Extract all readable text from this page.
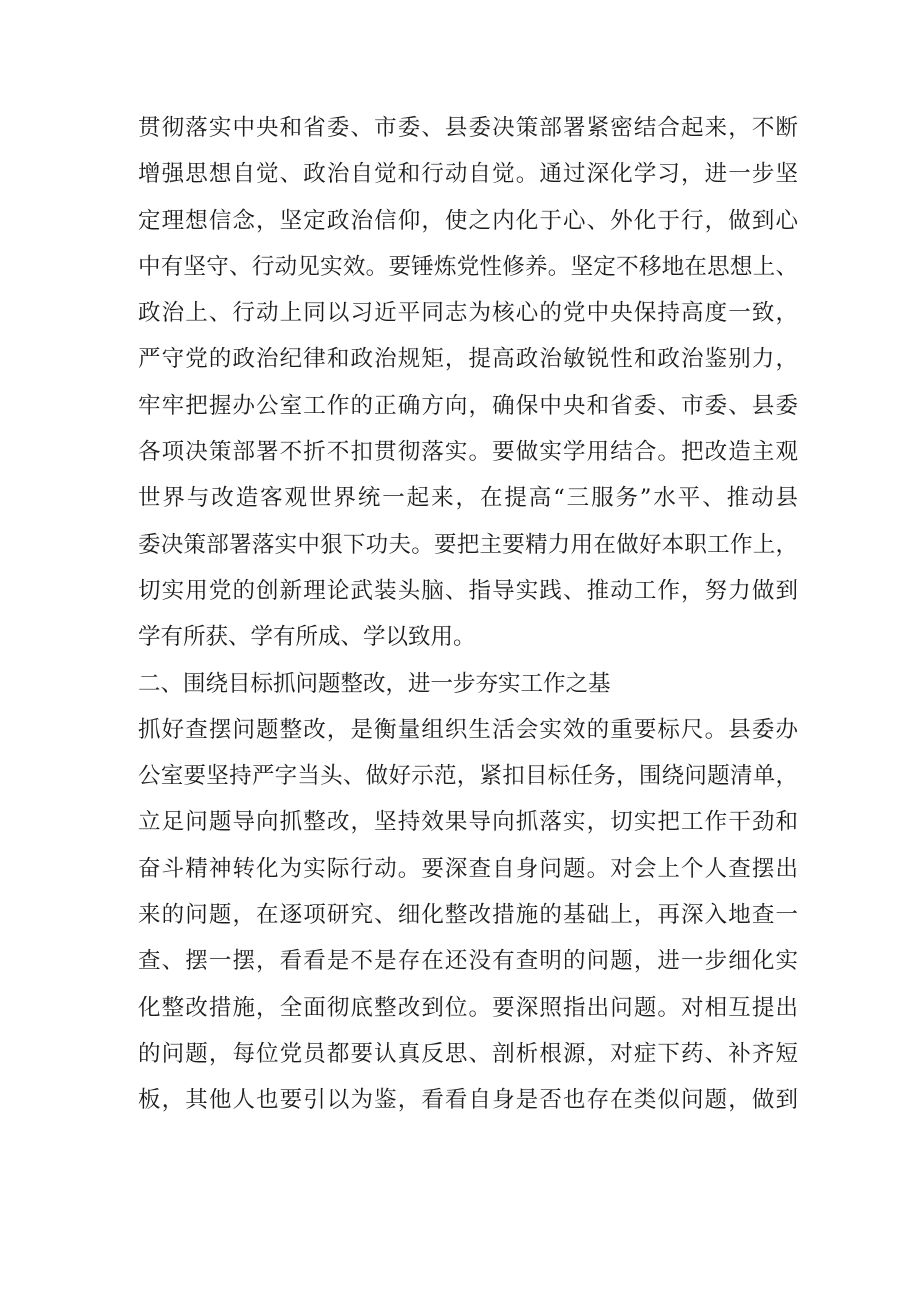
贯彻落实中央和省委、市委、县委决策部署紧密结合起来，不断
增强思想自觉、政治自觉和行动自觉。通过深化学习，进一步坚
定理想信念，坚定政治信仰，使之内化于心、外化于行，做到心
中有坚守、行动见实效。要锤炼党性修养。坚定不移地在思想上、
政治上、行动上同以习近平同志为核心的党中央保持高度一致，
严守党的政治纪律和政治规矩，提高政治敏锐性和政治鉴别力，
牢牢把握办公室工作的正确方向，确保中央和省委、市委、县委
各项决策部署不折不扣贯彻落实。要做实学用结合。把改造主观
世界与改造客观世界统一起来，在提高“三服务”水平、推动县
委决策部署落实中狠下功夫。要把主要精力用在做好本职工作上，
切实用党的创新理论武装头脑、指导实践、推动工作，努力做到
学有所获、学有所成、学以致用。
二、围绕目标抓问题整改，进一步夯实工作之基
抓好查摆问题整改，是衡量组织生活会实效的重要标尺。县委办
公室要坚持严字当头、做好示范，紧扣目标任务，围绕问题清单，
立足问题导向抓整改，坚持效果导向抓落实，切实把工作干劲和
奋斗精神转化为实际行动。要深查自身问题。对会上个人查摆出
来的问题，在逐项研究、细化整改措施的基础上，再深入地查一
查、摆一摆，看看是不是存在还没有查明的问题，进一步细化实
化整改措施，全面彻底整改到位。要深照指出问题。对相互提出
的问题，每位党员都要认真反思、剖析根源，对症下药、补齐短
板，其他人也要引以为鉴，看看自身是否也存在类似问题，做到
